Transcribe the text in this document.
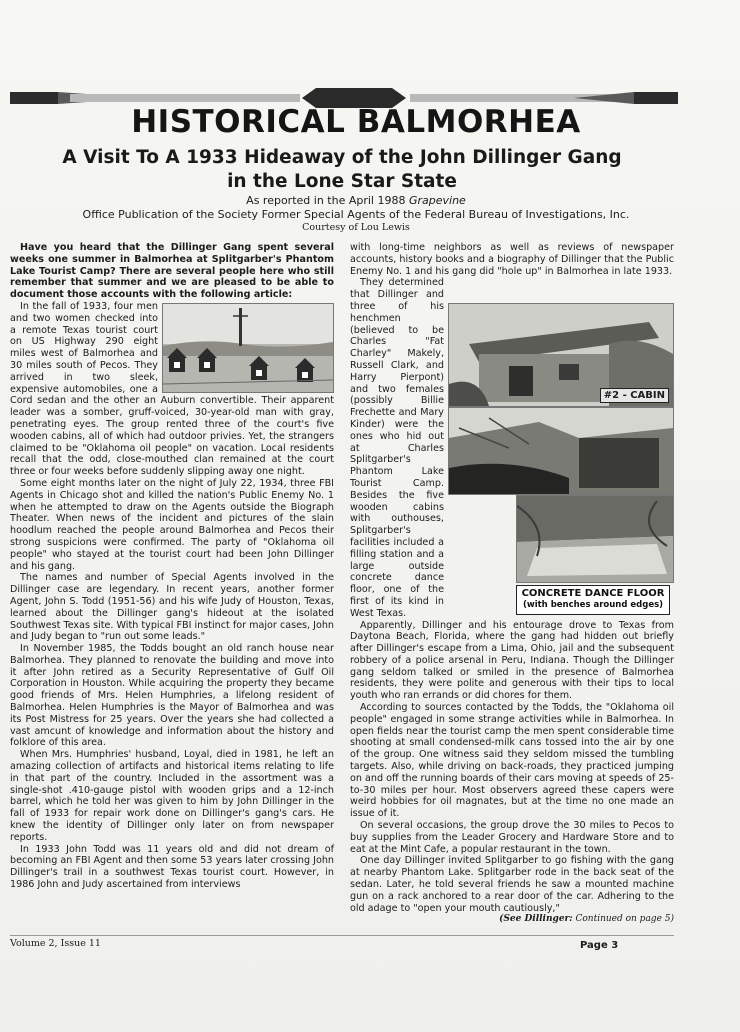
HISTORICAL BALMORHEA
A Visit To A 1933 Hideaway of the John Dillinger Gang
in the Lone Star State
As reported in the April 1988 Grapevine
Office Publication of the Society Former Special Agents of the Federal Bureau of Investigations, Inc.
Courtesy of Lou Lewis

Have you heard that the Dillinger Gang spent several weeks one summer in Balmorhea at Splitgarber's Phantom Lake Tourist Camp? There are several people here who still remember that summer and we are pleased to be able to document those accounts with the following article:

In the fall of 1933, four men and two women checked into a remote Texas tourist court on US Highway 290 eight miles west of Balmorhea and 30 miles south of Pecos. They arrived in two sleek, expensive automobiles, one a Cord sedan and the other an Auburn convertible. Their apparent leader was a somber, gruff-voiced, 30-year-old man with gray, penetrating eyes. The group rented three of the court's five wooden cabins, all of which had outdoor privies. Yet, the strangers claimed to be "Oklahoma oil people" on vacation. Local residents recall that the odd, close-mouthed clan remained at the court three or four weeks before suddenly slipping away one night.

Some eight months later on the night of July 22, 1934, three FBI Agents in Chicago shot and killed the nation's Public Enemy No. 1 when he attempted to draw on the Agents outside the Biograph Theater. When news of the incident and pictures of the slain hoodlum reached the people around Balmorhea and Pecos their strong suspicions were confirmed. The party of "Oklahoma oil people" who stayed at the tourist court had been John Dillinger and his gang.

The names and number of Special Agents involved in the Dillinger case are legendary. In recent years, another former Agent, John S. Todd (1951-56) and his wife Judy of Houston, Texas, learned about the Dillinger gang's hideout at the isolated Southwest Texas site. With typical FBI instinct for major cases, John and Judy began to "run out some leads."

In November 1985, the Todds bought an old ranch house near Balmorhea. They planned to renovate the building and move into it after John retired as a Security Representative of Gulf Oil Corporation in Houston. While acquiring the property they became good friends of Mrs. Helen Humphries, a lifelong resident of Balmorhea. Helen Humphries is the Mayor of Balmorhea and was its Post Mistress for 25 years. Over the years she had collected a vast amcunt of knowledge and information about the history and folklore of this area.

When Mrs. Humphries' husband, Loyal, died in 1981, he left an amazing collection of artifacts and historical items relating to life in that part of the country. Included in the assortment was a single-shot .410-gauge pistol with wooden grips and a 12-inch barrel, which he told her was given to him by John Dillinger in the fall of 1933 for repair work done on Dillinger's gang's cars. He knew the identity of Dillinger only later on from newspaper reports.

In 1933 John Todd was 11 years old and did not dream of becoming an FBI Agent and then some 53 years later crossing John Dillinger's trail in a southwest Texas tourist court. However, in 1986 John and Judy ascertained from interviews

with long-time neighbors as well as reviews of newspaper accounts, history books and a biography of Dillinger that the Public Enemy No. 1 and his gang did "hole up" in Balmorhea in late 1933.

#2 - CABIN
CONCRETE DANCE FLOOR
(with benches around edges)

They determined that Dillinger and three of his henchmen (believed to be Charles "Fat Charley" Makely, Russell Clark, and Harry Pierpont) and two females (possibly Billie Frechette and Mary Kinder) were the ones who hid out at Charles Splitgarber's Phantom Lake Tourist Camp. Besides the five wooden cabins with outhouses, Splitgarber's facilities included a filling station and a large outside concrete dance floor, one of the first of its kind in West Texas.

Apparently, Dillinger and his entourage drove to Texas from Daytona Beach, Florida, where the gang had hidden out briefly after Dillinger's escape from a Lima, Ohio, jail and the subsequent robbery of a police arsenal in Peru, Indiana. Though the Dillinger gang seldom talked or smiled in the presence of Balmorhea residents, they were polite and generous with their tips to local youth who ran errands or did chores for them.

According to sources contacted by the Todds, the "Oklahoma oil people" engaged in some strange activities while in Balmorhea. In open fields near the tourist camp the men spent considerable time shooting at small condensed-milk cans tossed into the air by one of the group. One witness said they seldom missed the tumbling targets. Also, while driving on back-roads, they practiced jumping on and off the running boards of their cars moving at speeds of 25-to-30 miles per hour. Most observers agreed these capers were weird hobbies for oil magnates, but at the time no one made an issue of it.

On several occasions, the group drove the 30 miles to Pecos to buy supplies from the Leader Grocery and Hardware Store and to eat at the Mint Cafe, a popular restaurant in the town.

One day Dillinger invited Splitgarber to go fishing with the gang at nearby Phantom Lake. Splitgarber rode in the back seat of the sedan. Later, he told several friends he saw a mounted machine gun on a rack anchored to a rear door of the car. Adhering to the old adage to "open your mouth cautiously,"

(See Dillinger: Continued on page 5)
Volume 2, Issue 11	Page 3
